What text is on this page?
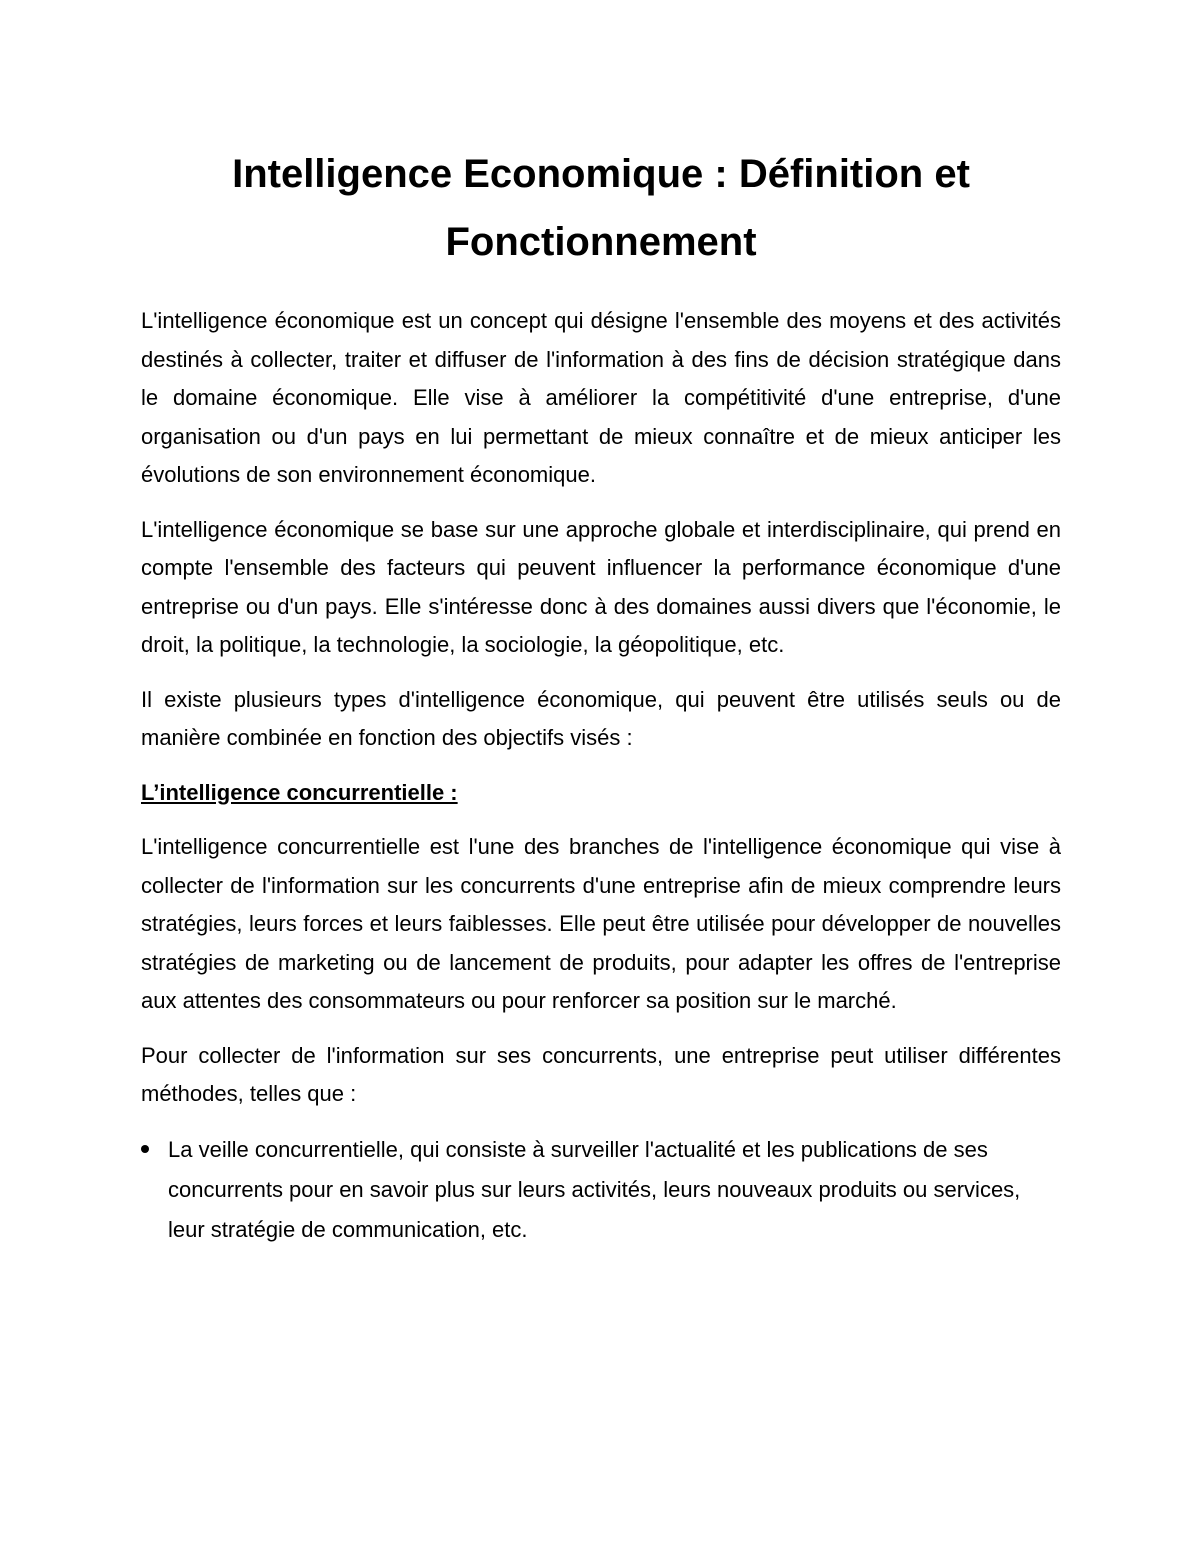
Intelligence Economique : Définition et Fonctionnement

L'intelligence économique est un concept qui désigne l'ensemble des moyens et des activités destinés à collecter, traiter et diffuser de l'information à des fins de décision stratégique dans le domaine économique. Elle vise à améliorer la compétitivité d'une entreprise, d'une organisation ou d'un pays en lui permettant de mieux connaître et de mieux anticiper les évolutions de son environnement économique.

L'intelligence économique se base sur une approche globale et interdisciplinaire, qui prend en compte l'ensemble des facteurs qui peuvent influencer la performance économique d'une entreprise ou d'un pays. Elle s'intéresse donc à des domaines aussi divers que l'économie, le droit, la politique, la technologie, la sociologie, la géopolitique, etc.

Il existe plusieurs types d'intelligence économique, qui peuvent être utilisés seuls ou de manière combinée en fonction des objectifs visés :

L’intelligence concurrentielle :

L'intelligence concurrentielle est l'une des branches de l'intelligence économique qui vise à collecter de l'information sur les concurrents d'une entreprise afin de mieux comprendre leurs stratégies, leurs forces et leurs faiblesses. Elle peut être utilisée pour développer de nouvelles stratégies de marketing ou de lancement de produits, pour adapter les offres de l'entreprise aux attentes des consommateurs ou pour renforcer sa position sur le marché.

Pour collecter de l'information sur ses concurrents, une entreprise peut utiliser différentes méthodes, telles que :

La veille concurrentielle, qui consiste à surveiller l'actualité et les publications de ses concurrents pour en savoir plus sur leurs activités, leurs nouveaux produits ou services, leur stratégie de communication, etc.
